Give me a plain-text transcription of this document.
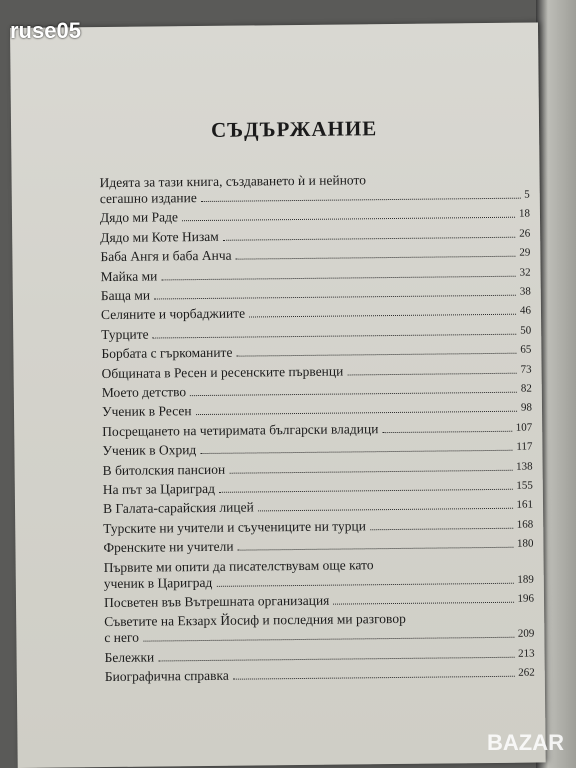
ruse05
СЪДЪРЖАНИЕ
Идеята за тази книга, създаването ѝ и нейното
сегашно издание	5
Дядо ми Раде	18
Дядо ми Коте Низам	26
Баба Ангя и баба Анча	29
Майка ми	32
Баща ми	38
Селяните и чорбаджиите	46
Турците	50
Борбата с гъркоманите	65
Общината в Ресен и ресенските първенци	73
Моето детство	82
Ученик в Ресен	98
Посрещането на четиримата български владици	107
Ученик в Охрид	117
В битолския пансион	138
На път за Цариград	155
В Галата-сарайския лицей	161
Турските ни учители и съучениците ни турци	168
Френските ни учители	180
Първите ми опити да писателствувам още като
ученик в Цариград	189
Посветен във Вътрешната организация	196
Съветите на Екзарх Йосиф и последния ми разговор
с него	209
Бележки	213
Биографична справка	262
BAZAR
